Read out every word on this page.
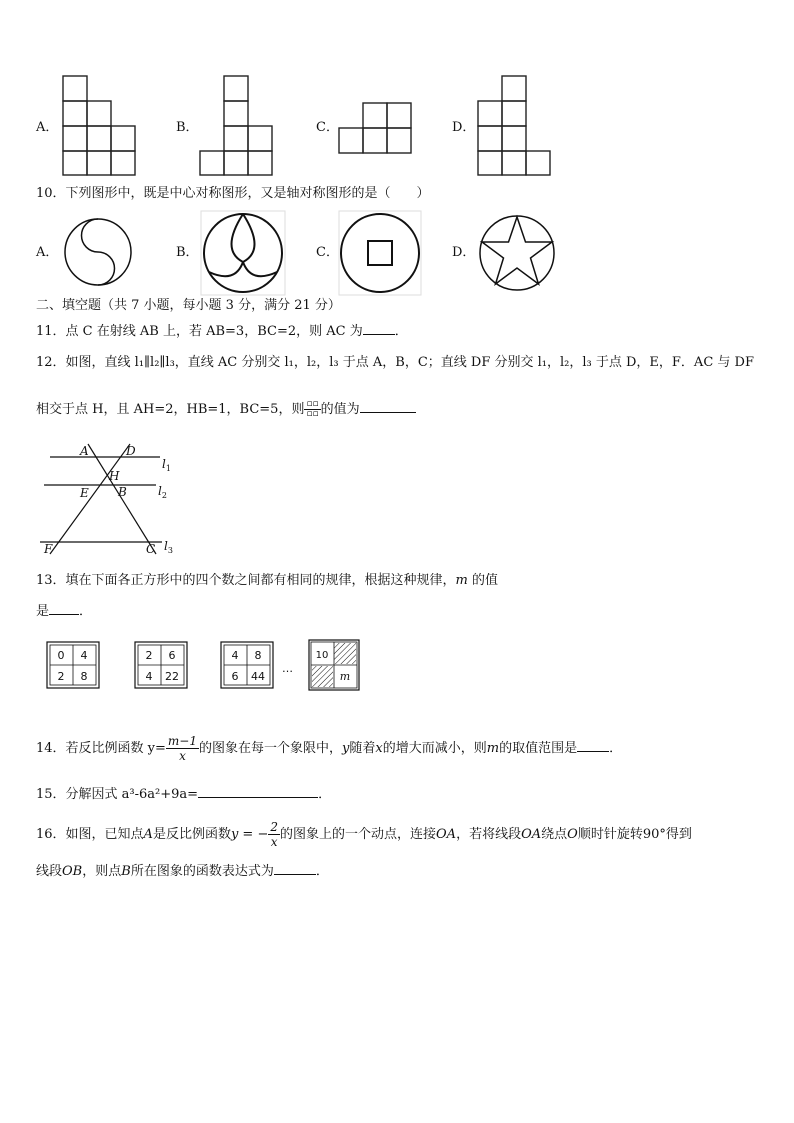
A．	B．	C．	D．
10．下列图形中，既是中心对称图形，又是轴对称图形的是（　　）
A．	B．	C．	D．
二、填空题（共 7 小题，每小题 3 分，满分 21 分）
11．点 C 在射线 AB 上，若 AB=3，BC=2，则 AC 为 ．
12．如图，直线 l₁∥l₂∥l₃，直线 AC 分别交 l₁，l₂，l₃ 于点 A，B，C；直线 DF 分别交 l₁，l₂，l₃ 于点 D，E，F．AC 与 DF
相交于点 H，且 AH=2，HB=1，BC=5，则 $\frac{▫▫}{▫▫}$ 的值为
A	D
H
E B
F	C
$l_1$
$l_2$
$l_3$
13．填在下面各正方形中的四个数之间都有相同的规律，根据这种规律，m 的值
是 ．
0 4
2 8
2 6
4 22
4 8
6 44
…
10
m
14．若反比例函数 $y= \frac{m-1}{x}$ 的图象在每一个象限中，y随着x的增大而减小，则m的取值范围是 ．
15．分解因式 a³-6a²+9a=	．
16．如图，已知点A是反比例函数y = − $\frac{2}{x}$ 的图象上的一个动点，连接OA，若将线段OA绕点O顺时针旋转90°得到
线段OB，则点B所在图象的函数表达式为	．
